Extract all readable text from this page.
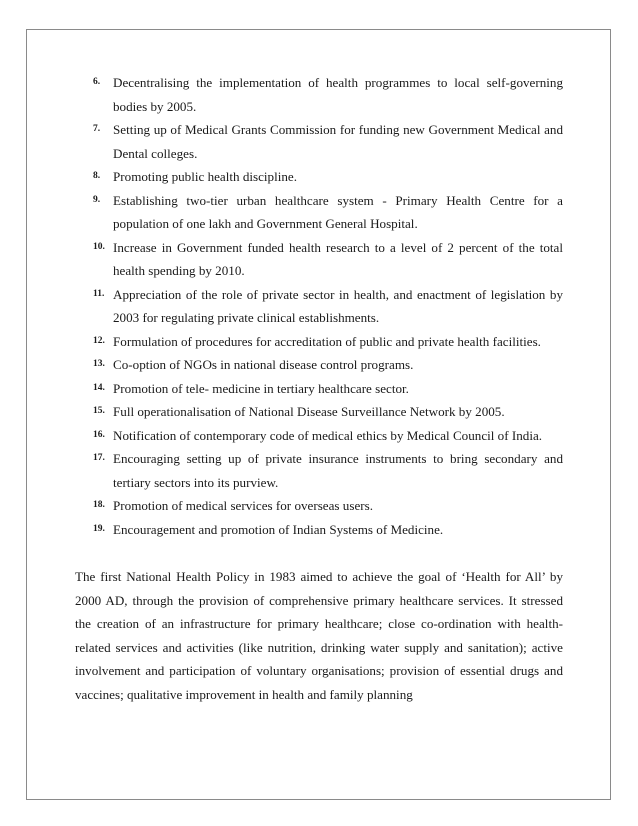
6. Decentralising the implementation of health programmes to local self-governing bodies by 2005.
7. Setting up of Medical Grants Commission for funding new Government Medical and Dental colleges.
8. Promoting public health discipline.
9. Establishing two-tier urban healthcare system - Primary Health Centre for a population of one lakh and Government General Hospital.
10. Increase in Government funded health research to a level of 2 percent of the total health spending by 2010.
11. Appreciation of the role of private sector in health, and enactment of legislation by 2003 for regulating private clinical establishments.
12. Formulation of procedures for accreditation of public and private health facilities.
13. Co-option of NGOs in national disease control programs.
14. Promotion of tele- medicine in tertiary healthcare sector.
15. Full operationalisation of National Disease Surveillance Network by 2005.
16. Notification of contemporary code of medical ethics by Medical Council of India.
17. Encouraging setting up of private insurance instruments to bring secondary and tertiary sectors into its purview.
18. Promotion of medical services for overseas users.
19. Encouragement and promotion of Indian Systems of Medicine.

The first National Health Policy in 1983 aimed to achieve the goal of ‘Health for All’ by 2000 AD, through the provision of comprehensive primary healthcare services. It stressed the creation of an infrastructure for primary healthcare; close co-ordination with health-related services and activities (like nutrition, drinking water supply and sanitation); active involvement and participation of voluntary organisations; provision of essential drugs and vaccines; qualitative improvement in health and family planning
